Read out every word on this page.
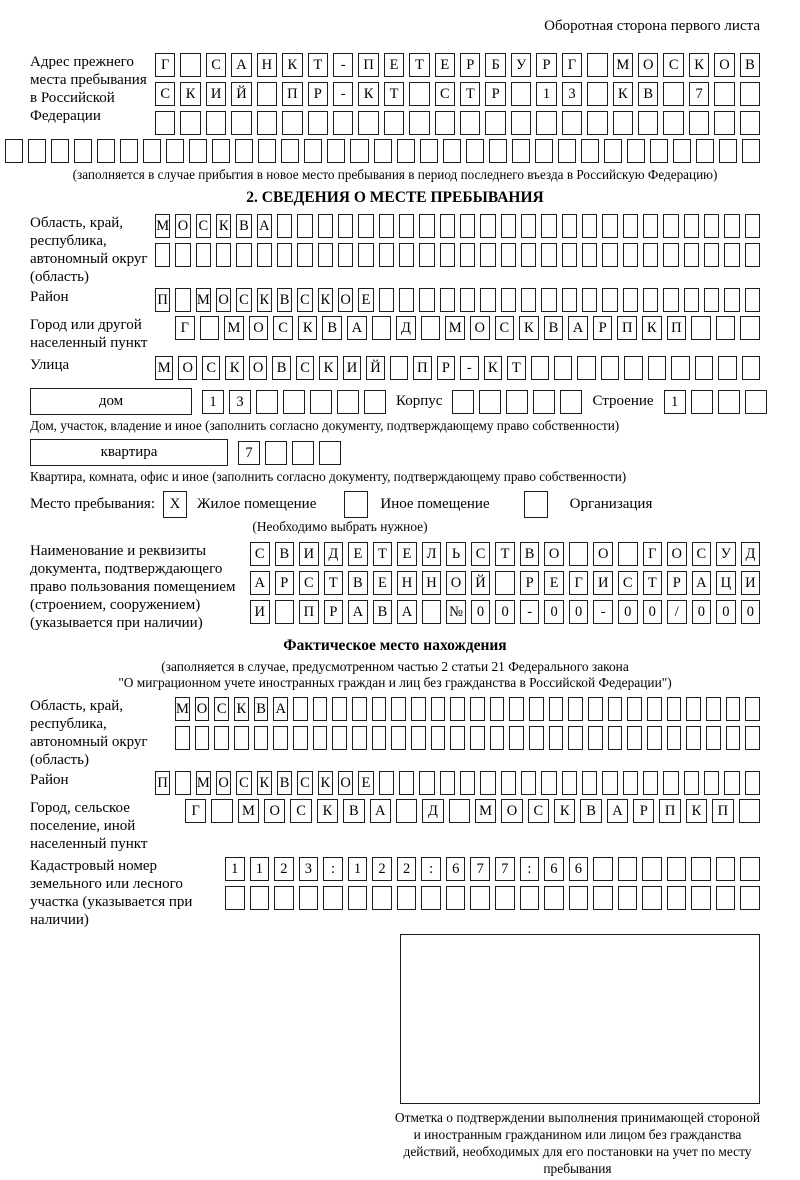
Оборотная сторона первого листа
Адрес прежнего места пребывания в Российской Федерации
Г	С	А	Н	К	Т	-	П	Е	Т	Е	Р	Б	У	Р	Г	М О	С	К	О	В
С	К	И	Й	П	Р	-	К	Т	С	Т	Р	1	3	К	В	7
(заполняется в случае прибытия в новое место пребывания в период последнего въезда в Российскую Федерацию)
2. СВЕДЕНИЯ О МЕСТЕ ПРЕБЫВАНИЯ
Область, край, республика, автономный округ (область)
М О С К В А
Район	П М О С К В С К О Е
Город или другой населенный пункт
Г	М О	С	К	В	А	Д	М О	С	К	В	А	Р	П	К	П
Улица	М О С К О В С К И Й	П Р	-	К Т
дом	1	3	Корпус	Строение	1
Дом, участок, владение и иное (заполнить согласно документу, подтверждающему право собственности)
квартира	7
Квартира, комната, офис и иное (заполнить согласно документу, подтверждающему право собственности)
Место пребывания:	X	Жилое помещение	Иное помещение	Организация
(Необходимо выбрать нужное)
Наименование и реквизиты документа, подтверждающего право пользования помещением (строением, сооружением) (указывается при наличии)
С	В И Д	Е	Т	Е	Л	Ь	С	Т	В О	О	Г	О С	У Д
А	Р	С	Т	В	Е	Н Н О Й	Р	Е	Г	И С	Т	Р	А Ц И
И	П	Р	А В А	№ 0	0	-	0	0	-	0	0	/	0	0	0
Фактическое место нахождения
(заполняется в случае, предусмотренном частью 2 статьи 21 Федерального закона
"О миграционном учете иностранных граждан и лиц без гражданства в Российской Федерации")
Область, край, республика, автономный округ (область)
М О С К В А
Район	П М О С К В С К О Е
Город, сельское поселение, иной населенный пункт
Г	М	О	С	К	В	А	Д	М	О	С	К	В	А	Р	П	К	П
Кадастровый номер земельного или лесного участка (указывается при наличии)
1	1	2	3	:	1	2	2	:	6	7	7	:	6	6
Отметка о подтверждении выполнения принимающей стороной и иностранным гражданином или лицом без гражданства действий, необходимых для его постановки на учет по месту пребывания
